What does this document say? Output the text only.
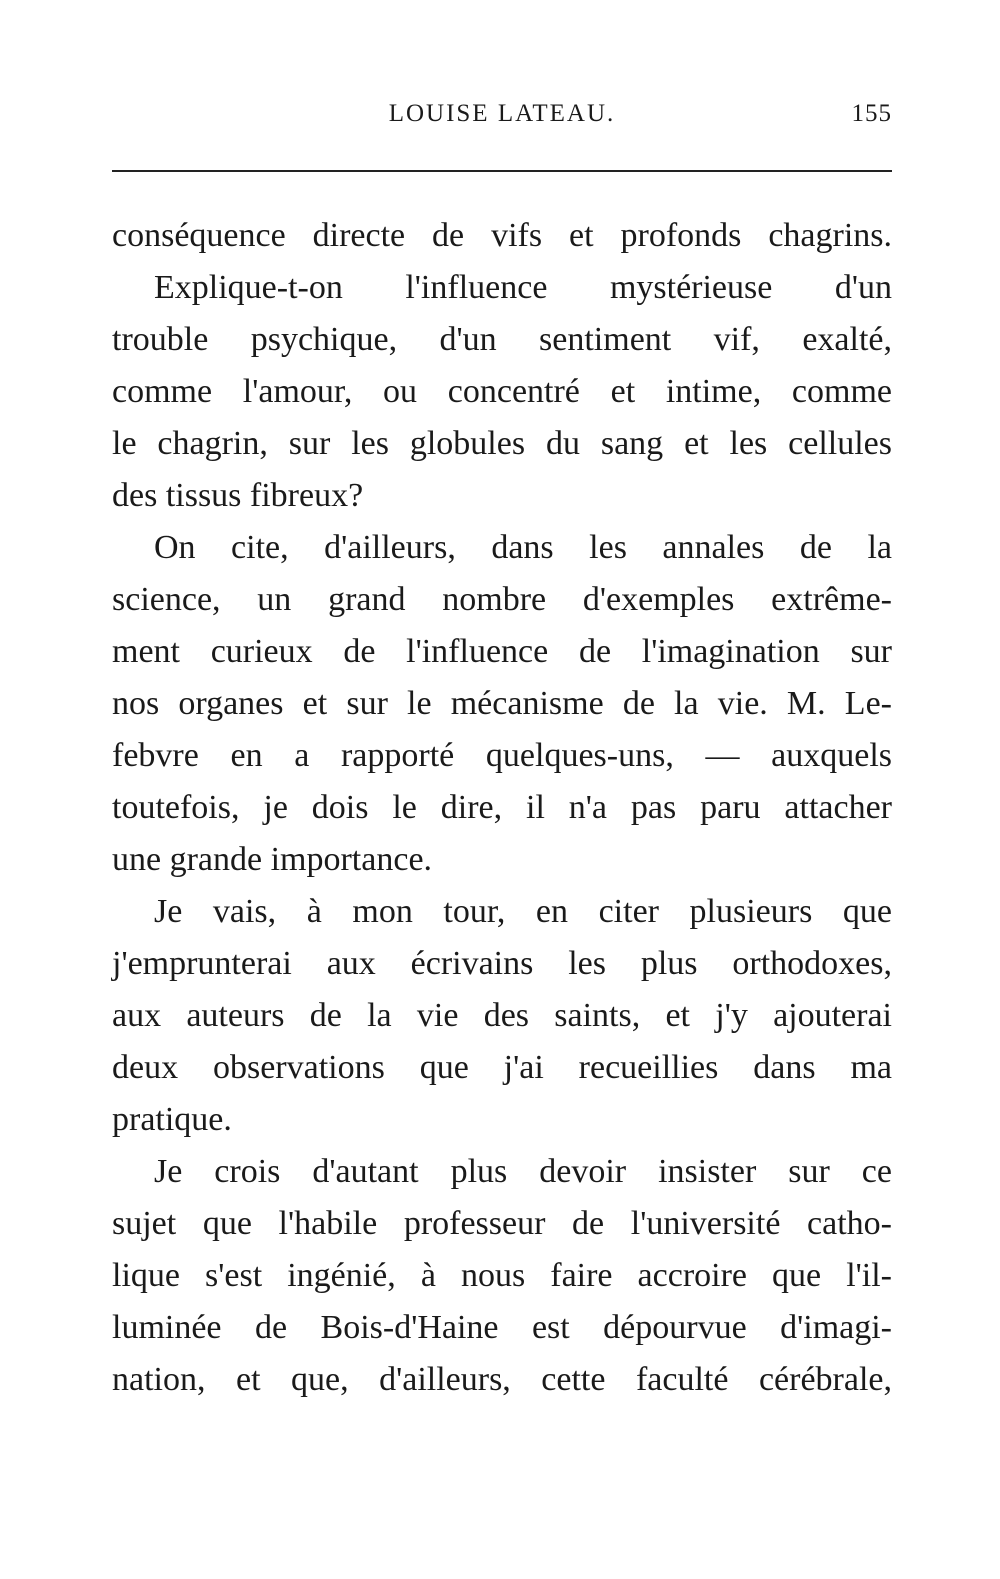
LOUISE LATEAU.	155
conséquence directe de vifs et profonds chagrins.
Explique-t-on l'influence mystérieuse d'un
trouble psychique, d'un sentiment vif, exalté,
comme l'amour, ou concentré et intime, comme
le chagrin, sur les globules du sang et les cellules
des tissus fibreux?
On cite, d'ailleurs, dans les annales de la
science, un grand nombre d'exemples extrême-
ment curieux de l'influence de l'imagination sur
nos organes et sur le mécanisme de la vie. M. Le-
febvre en a rapporté quelques-uns, — auxquels
toutefois, je dois le dire, il n'a pas paru attacher
une grande importance.
Je vais, à mon tour, en citer plusieurs que
j'emprunterai aux écrivains les plus orthodoxes,
aux auteurs de la vie des saints, et j'y ajouterai
deux observations que j'ai recueillies dans ma
pratique.
Je crois d'autant plus devoir insister sur ce
sujet que l'habile professeur de l'université catho-
lique s'est ingénié, à nous faire accroire que l'il-
luminée de Bois-d'Haine est dépourvue d'imagi-
nation, et que, d'ailleurs, cette faculté cérébrale,
